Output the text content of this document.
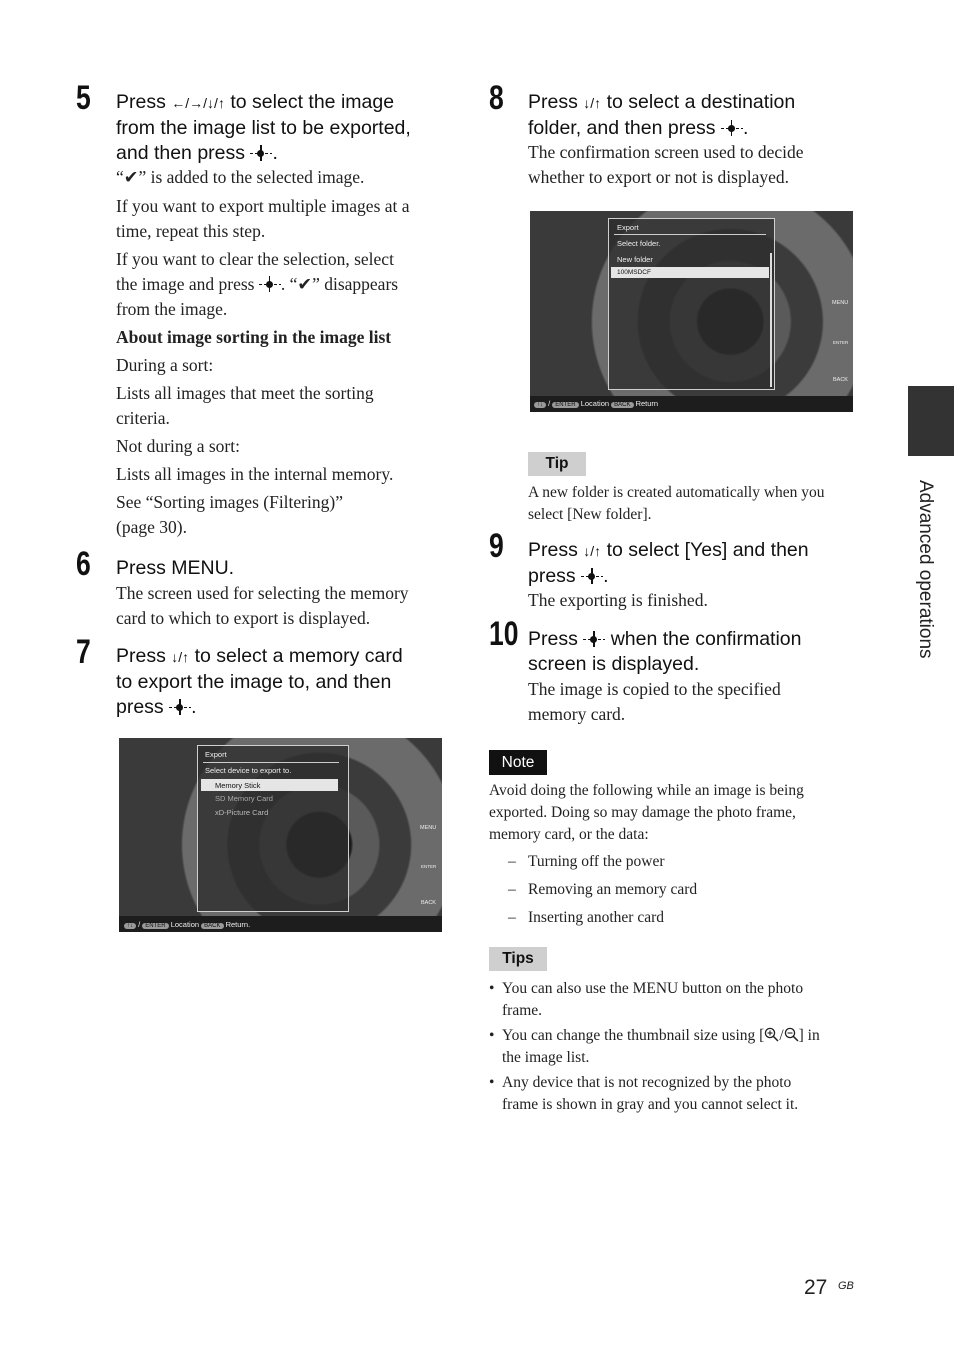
5 Press ←/→/↓/↑ to select the image
from the image list to be exported,
and then press .
“✔” is added to the selected image.
If you want to export multiple images at a
time, repeat this step.
If you want to clear the selection, select
the image and press . “✔” disappears
from the image.
About image sorting in the image list
During a sort:
Lists all images that meet the sorting
criteria.
Not during a sort:
Lists all images in the internal memory.
See “Sorting images (Filtering)”
(page 30).
6 Press MENU.
The screen used for selecting the memory
card to which to export is displayed.
7 Press ↓/↑ to select a memory card
to export the image to, and then
press .
Export
Select device to export to.
Memory Stick
SD Memory Card
xD-Picture Card
MENU
ENTER
BACK
↑↓ / ENTER Location BACK Return.
8 Press ↓/↑ to select a destination
folder, and then press .
The confirmation screen used to decide
whether to export or not is displayed.
Export
Select folder.
New folder
100MSDCF
MENU
ENTER
BACK
↑↓ / ENTER Location BACK Return
Tip
A new folder is created automatically when you
select [New folder].
9 Press ↓/↑ to select [Yes] and then
press .
The exporting is finished.
10 Press when the confirmation
screen is displayed.
The image is copied to the specified
memory card.
Note
Avoid doing the following while an image is being
exported. Doing so may damage the photo frame,
memory card, or the data:
– Turning off the power
– Removing an memory card
– Inserting another card
Tips
• You can also use the MENU button on the photo
frame.
• You can change the thumbnail size using [ / ] in
the image list.
• Any device that is not recognized by the photo
frame is shown in gray and you cannot select it.
Advanced operations
27 GB
